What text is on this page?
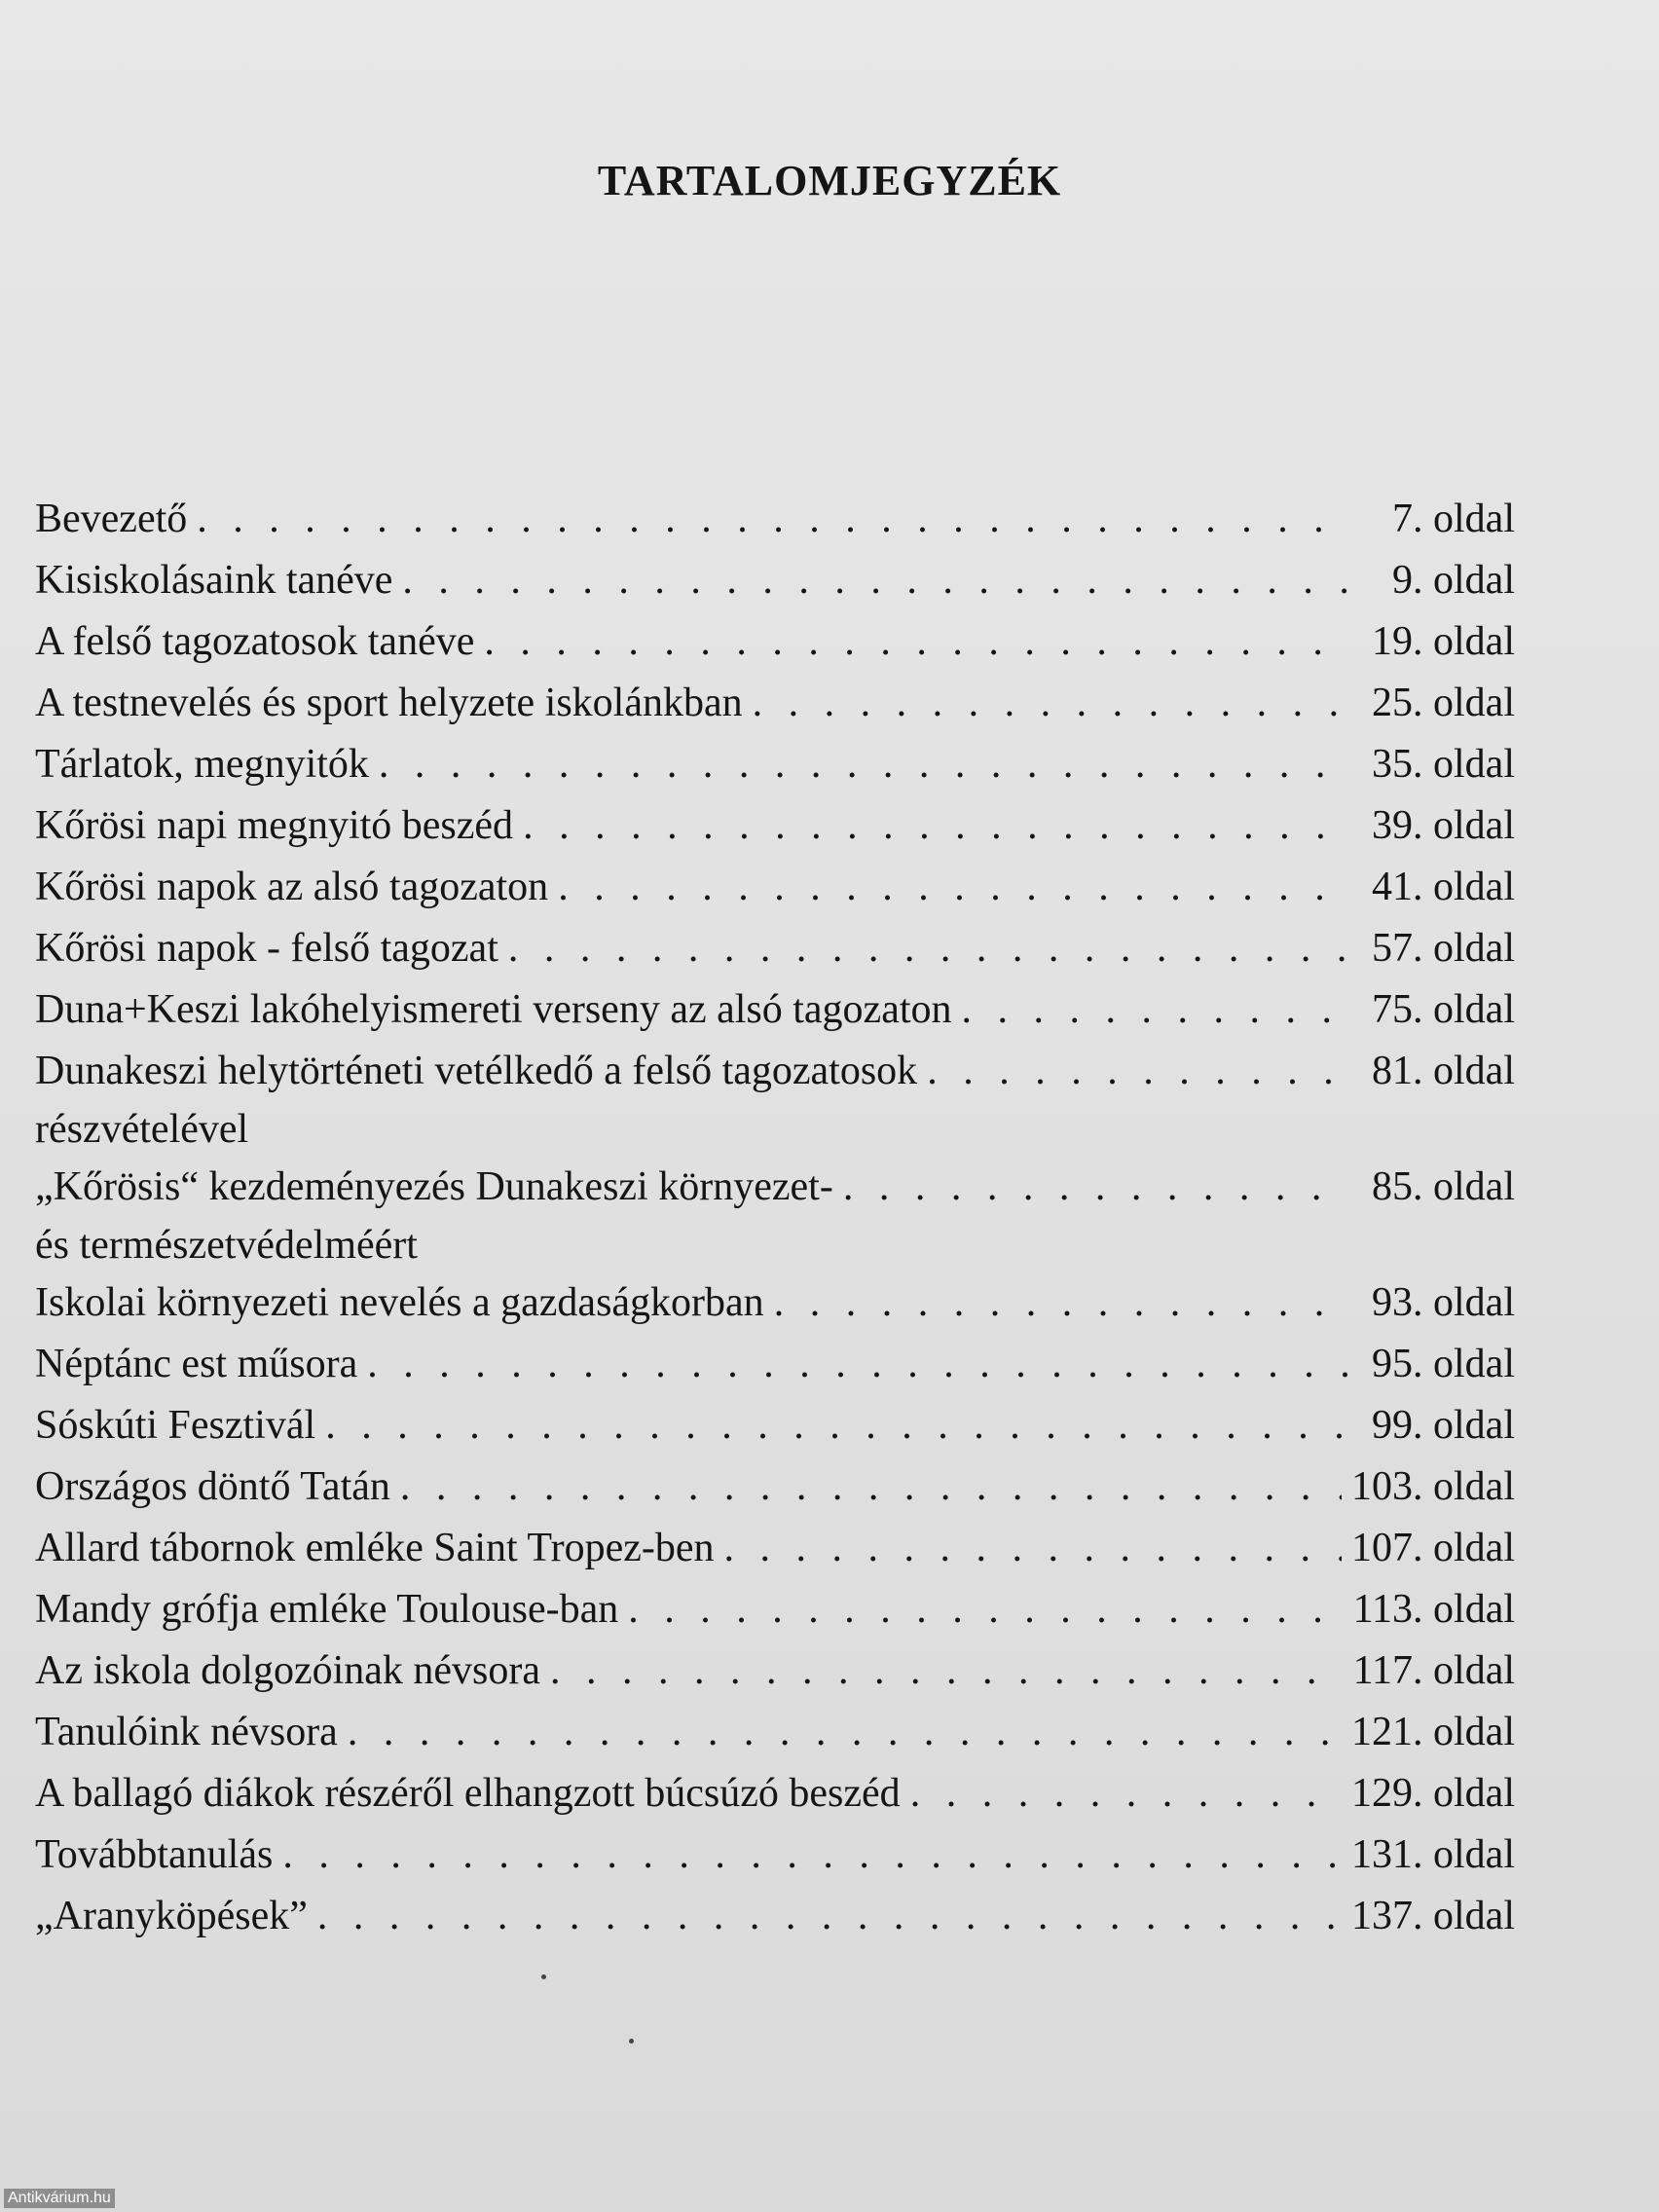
TARTALOMJEGYZÉK
Bevezető . . .	7. oldal
Kisiskolásaink tanéve . . .	9. oldal
A felső tagozatosok tanéve . . .	19. oldal
A testnevelés és sport helyzete iskolánkban . . .	25. oldal
Tárlatok, megnyitók . . .	35. oldal
Kőrösi napi megnyitó beszéd . . .	39. oldal
Kőrösi napok az alsó tagozaton . . .	41. oldal
Kőrösi napok - felső tagozat . . .	57. oldal
Duna+Keszi lakóhelyismereti verseny az alsó tagozaton . . .	75. oldal
Dunakeszi helytörténeti vetélkedő a felső tagozatosok . . .	81. oldal
részvételével
„Kőrösis“ kezdeményezés Dunakeszi környezet- . . .	85. oldal
és természetvédelméért
Iskolai környezeti nevelés a gazdaságkorban . . .	93. oldal
Néptánc est műsora . . .	95. oldal
Sóskúti Fesztivál . . .	99. oldal
Országos döntő Tatán . . .	103. oldal
Allard tábornok emléke Saint Tropez-ben . . .	107. oldal
Mandy grófja emléke Toulouse-ban . . .	113. oldal
Az iskola dolgozóinak névsora . . .	117. oldal
Tanulóink névsora . . .	121. oldal
A ballagó diákok részéről elhangzott búcsúzó beszéd . . .	129. oldal
Továbbtanulás . . .	131. oldal
„Aranyköpések” . . .	137. oldal
Antikvárium.hu
